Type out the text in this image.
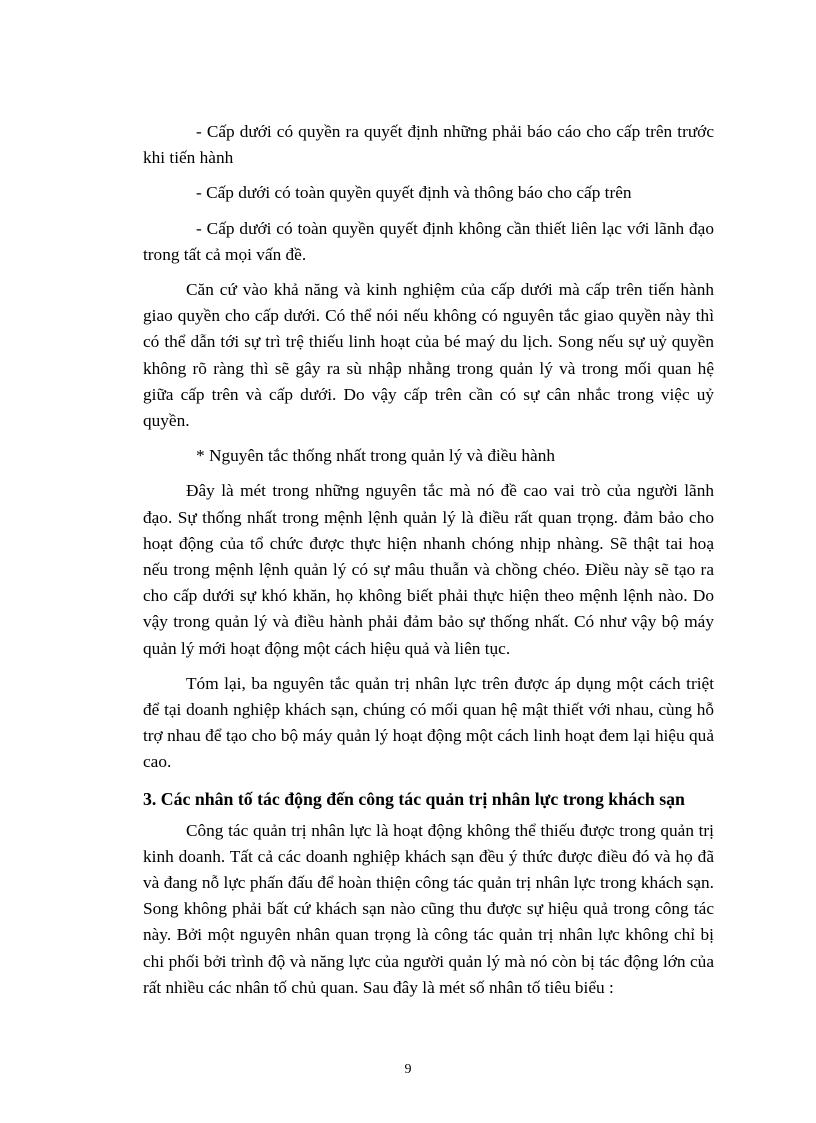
- Cấp dưới có quyền ra quyết định những phải báo cáo cho cấp trên trước khi tiến hành

- Cấp dưới có toàn quyền quyết định và thông báo cho cấp trên

- Cấp dưới có toàn quyền quyết định không cần thiết liên lạc với lãnh đạo trong tất cả mọi vấn đề.

Căn cứ vào khả năng và kinh nghiệm của cấp dưới mà cấp trên tiến hành giao quyền cho cấp dưới. Có thể nói nếu không có nguyên tắc giao quyền này thì có thể dẫn tới sự trì trệ thiếu linh hoạt của bé maý du lịch. Song nếu sự uỷ quyền không rõ ràng thì sẽ gây ra sù nhập nhằng trong quản lý và trong mối quan hệ giữa cấp trên và cấp dưới. Do vậy cấp trên cần có sự cân nhắc trong việc uỷ quyền.

* Nguyên tắc thống nhất trong quản lý và điều hành

Đây là mét trong những nguyên tắc mà nó đề cao vai trò của người lãnh đạo. Sự thống nhất trong mệnh lệnh quản lý là điều rất quan trọng. đảm bảo cho hoạt động của tổ chức được thực hiện nhanh chóng nhịp nhàng. Sẽ thật tai hoạ nếu trong mệnh lệnh quản lý có sự mâu thuẫn và chồng chéo. Điều này sẽ tạo ra cho cấp dưới sự khó khăn, họ không biết phải thực hiện theo mệnh lệnh nào. Do vậy trong quản lý và điều hành phải đảm bảo sự thống nhất. Có như vậy bộ máy quản lý mới hoạt động một cách hiệu quả và liên tục.

Tóm lại, ba nguyên tắc quản trị nhân lực trên được áp dụng một cách triệt để tại doanh nghiệp khách sạn, chúng có mối quan hệ mật thiết với nhau, cùng hỗ trợ nhau để tạo cho bộ máy quản lý hoạt động một cách linh hoạt đem lại hiệu quả cao.

3. Các nhân tố tác động đến công tác quản trị nhân lực trong khách sạn

Công tác quản trị nhân lực là hoạt động không thể thiếu được trong quản trị kinh doanh. Tất cả các doanh nghiệp khách sạn đều ý thức được điều đó và họ đã và đang nỗ lực phấn đấu để hoàn thiện công tác quản trị nhân lực trong khách sạn. Song không phải bất cứ khách sạn nào cũng thu được sự hiệu quả trong công tác này. Bởi một nguyên nhân quan trọng là công tác quản trị nhân lực không chỉ bị chi phối bởi trình độ và năng lực của người quản lý mà nó còn bị tác động lớn của rất nhiều các nhân tố chủ quan. Sau đây là mét số nhân tố tiêu biểu :

9
